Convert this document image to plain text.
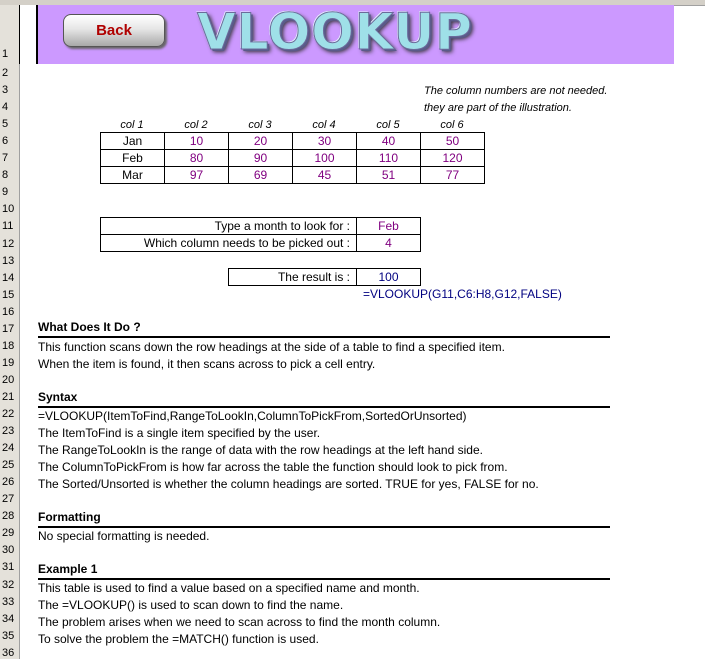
1
2
3
4
5
6
7
8
9
10
11
12
13
14
15
16
17
18
19
20
21
22
23
24
25
26
27
28
29
30
31
32
33
34
35
36
Back	VLOOKUP
The column numbers are not needed.
they are part of the illustration.
col 1	col 2	col 3	col 4	col 5	col 6
Jan	10	20	30	40	50
Feb	80	90	100	110	120
Mar	97	69	45	51	77
Type a month to look for :	Feb
Which column needs to be picked out :	4
The result is :	100
=VLOOKUP(G11,C6:H8,G12,FALSE)
What Does It Do ?
This function scans down the row headings at the side of a table to find a specified item.
When the item is found, it then scans across to pick a cell entry.
Syntax
=VLOOKUP(ItemToFind,RangeToLookIn,ColumnToPickFrom,SortedOrUnsorted)
The ItemToFind is a single item specified by the user.
The RangeToLookIn is the range of data with the row headings at the left hand side.
The ColumnToPickFrom is how far across the table the function should look to pick from.
The Sorted/Unsorted is whether the column headings are sorted. TRUE for yes, FALSE for no.
Formatting
No special formatting is needed.
Example 1
This table is used to find a value based on a specified name and month.
The =VLOOKUP() is used to scan down to find the name.
The problem arises when we need to scan across to find the month column.
To solve the problem the =MATCH() function is used.
